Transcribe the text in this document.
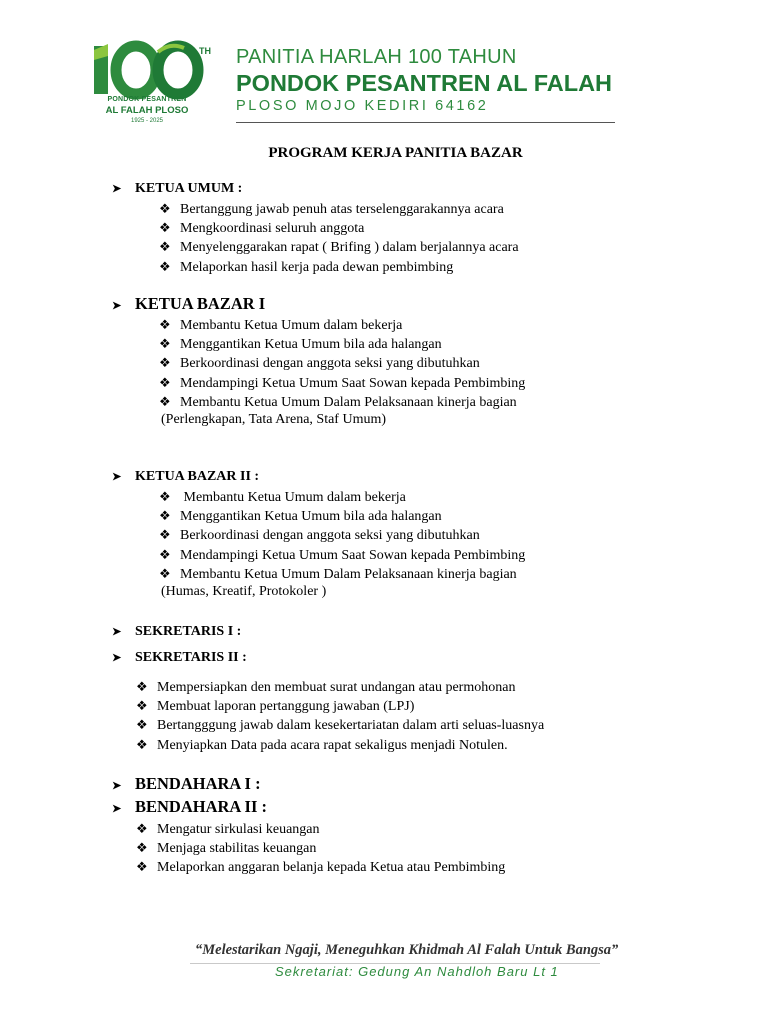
TH
PONDOK PESANTREN
AL FALAH PLOSO
1925 - 2025
PANITIA HARLAH 100 TAHUN
PONDOK PESANTREN AL FALAH
PLOSO MOJO KEDIRI 64162
PROGRAM KERJA PANITIA BAZAR
➤ KETUA UMUM :
❖ Bertanggung jawab penuh atas terselenggarakannya acara
❖ Mengkoordinasi seluruh anggota
❖ Menyelenggarakan rapat ( Brifing ) dalam berjalannya acara
❖ Melaporkan hasil kerja pada dewan pembimbing
➤ KETUA BAZAR I
❖ Membantu Ketua Umum dalam bekerja
❖ Menggantikan Ketua Umum bila ada halangan
❖ Berkoordinasi dengan anggota seksi yang dibutuhkan
❖ Mendampingi Ketua Umum Saat Sowan kepada Pembimbing
❖ Membantu Ketua Umum Dalam Pelaksanaan kinerja bagian
(Perlengkapan, Tata Arena, Staf Umum)
➤ KETUA BAZAR II :
❖ Membantu Ketua Umum dalam bekerja
❖ Menggantikan Ketua Umum bila ada halangan
❖ Berkoordinasi dengan anggota seksi yang dibutuhkan
❖ Mendampingi Ketua Umum Saat Sowan kepada Pembimbing
❖ Membantu Ketua Umum Dalam Pelaksanaan kinerja bagian
(Humas, Kreatif, Protokoler )
➤ SEKRETARIS I :
➤ SEKRETARIS II :
❖ Mempersiapkan den membuat surat undangan atau permohonan
❖ Membuat laporan pertanggung jawaban (LPJ)
❖ Bertangggung jawab dalam kesekertariatan dalam arti seluas-luasnya
❖ Menyiapkan Data pada acara rapat sekaligus menjadi Notulen.
➤ BENDAHARA I :
➤ BENDAHARA II :
❖ Mengatur sirkulasi keuangan
❖ Menjaga stabilitas keuangan
❖ Melaporkan anggaran belanja kepada Ketua atau Pembimbing
“Melestarikan Ngaji, Meneguhkan Khidmah Al Falah Untuk Bangsa”
Sekretariat: Gedung An Nahdloh Baru Lt 1
